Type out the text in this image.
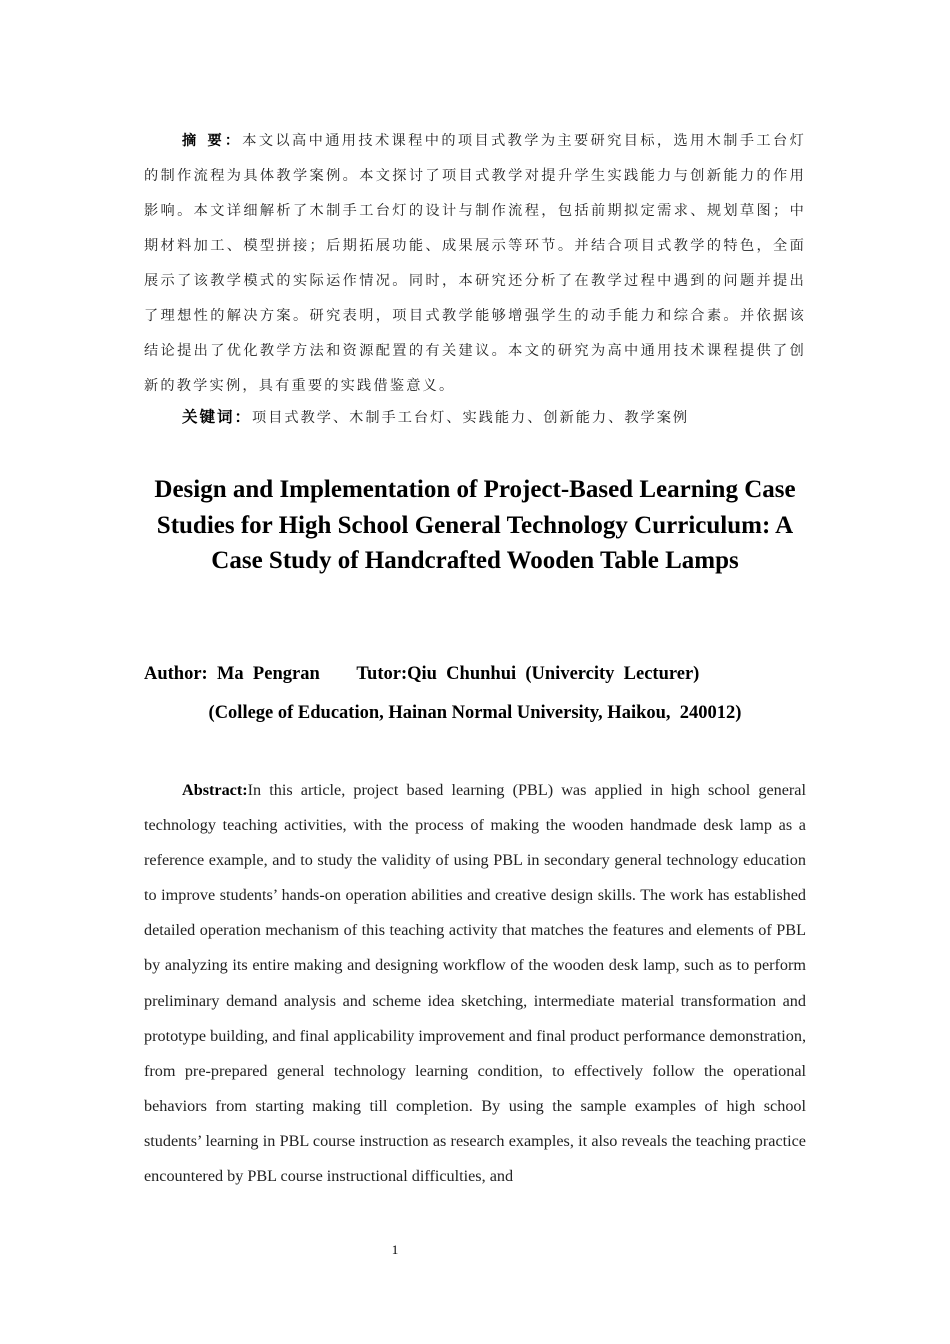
摘 要：本文以高中通用技术课程中的项目式教学为主要研究目标，选用木制手工台灯的制作流程为具体教学案例。本文探讨了项目式教学对提升学生实践能力与创新能力的作用影响。本文详细解析了木制手工台灯的设计与制作流程，包括前期拟定需求、规划草图；中期材料加工、模型拼接；后期拓展功能、成果展示等环节。并结合项目式教学的特色，全面展示了该教学模式的实际运作情况。同时，本研究还分析了在教学过程中遇到的问题并提出了理想性的解决方案。研究表明，项目式教学能够增强学生的动手能力和综合素。并依据该结论提出了优化教学方法和资源配置的有关建议。本文的研究为高中通用技术课程提供了创新的教学实例，具有重要的实践借鉴意义。

关键词：项目式教学、木制手工台灯、实践能力、创新能力、教学案例

Design and Implementation of Project-Based Learning Case Studies for High School General Technology Curriculum: A Case Study of Handcrafted Wooden Table Lamps

Author:  Ma  Pengran        Tutor:Qiu  Chunhui  (Univercity  Lecturer)

(College of Education, Hainan Normal University, Haikou,  240012)

Abstract:In this article, project based learning (PBL) was applied in high school general technology teaching activities, with the process of making the wooden handmade desk lamp as a reference example, and to study the validity of using PBL in secondary general technology education to improve students’ hands-on operation abilities and creative design skills. The work has established detailed operation mechanism of this teaching activity that matches the features and elements of PBL by analyzing its entire making and designing workflow of the wooden desk lamp, such as to perform preliminary demand analysis and scheme idea sketching, intermediate material transformation and prototype building, and final applicability improvement and final product performance demonstration, from pre-prepared general technology learning condition, to effectively follow the operational behaviors from starting making till completion. By using the sample examples of high school students’ learning in PBL course instruction as research examples, it also reveals the teaching practice encountered by PBL course instructional difficulties, and

1
